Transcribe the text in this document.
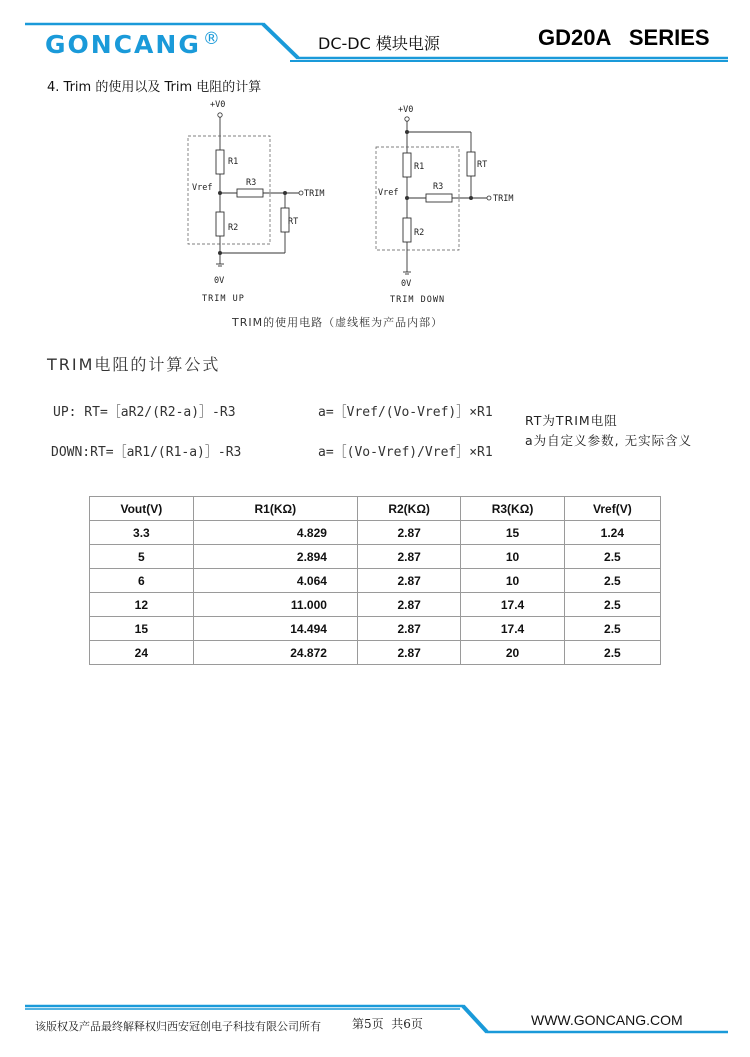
GONCANG ®	DC-DC 模块电源	GD20A   SERIES
4. Trim 的使用以及 Trim 电阻的计算
+V0
R1
Vref	R3
TRIM
RT
R2
0V
TRIM UP
+V0
RT
R1
Vref
R3
TRIM
R2
0V
TRIM DOWN
TRIM的使用电路（虚线框为产品内部）
TRIM电阻的计算公式
UP: RT=［aR2/(R2-a)］-R3	a=［Vref/(Vo-Vref)］×R1
DOWN:RT=［aR1/(R1-a)］-R3	a=［(Vo-Vref)/Vref］×R1
RT为TRIM电阻
a为自定义参数, 无实际含义
Vout(V)	R1(KΩ)	R2(KΩ)	R3(KΩ)	Vref(V)
3.3	4.829	2.87	15	1.24
5	2.894	2.87	10	2.5
6	4.064	2.87	10	2.5
12	11.000	2.87	17.4	2.5
15	14.494	2.87	17.4	2.5
24	24.872	2.87	20	2.5
该版权及产品最终解释权归西安冠创电子科技有限公司所有	第5页  共6页	WWW.GONCANG.COM
